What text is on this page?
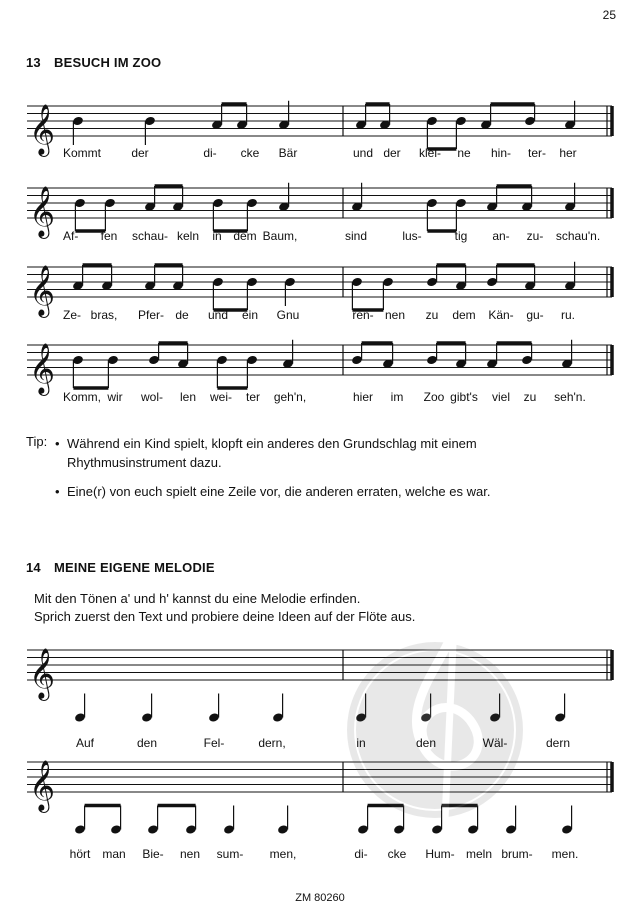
25
13 BESUCH IM ZOO
𝄞
𝄞
𝄞
𝄞
𝄞
𝄞
Kommt	der	di- cke Bär	und der klei- ne hin- ter- her
Af- fen schau- keln in dem Baum,	sind	lus-	tig an- zu- schau'n.
Ze- bras, Pfer- de und ein Gnu	ren- nen zu dem Kän- gu- ru.
Komm, wir wol- len wei- ter geh'n,	hier im Zoo gibt's viel zu seh'n.
Tip: • Während ein Kind spielt, klopft ein anderes den Grundschlag mit einem Rhythmusinstrument dazu.
• Eine(r) von euch spielt eine Zeile vor, die anderen erraten, welche es war.
14 MEINE EIGENE MELODIE
Mit den Tönen a' und h' kannst du eine Melodie erfinden.
Sprich zuerst den Text und probiere deine Ideen auf der Flöte aus.
Auf	den	Fel-	dern,	in	den	Wäl-	dern
hört man Bie- nen sum- men,	di- cke Hum- meln brum- men.
ZM 80260
